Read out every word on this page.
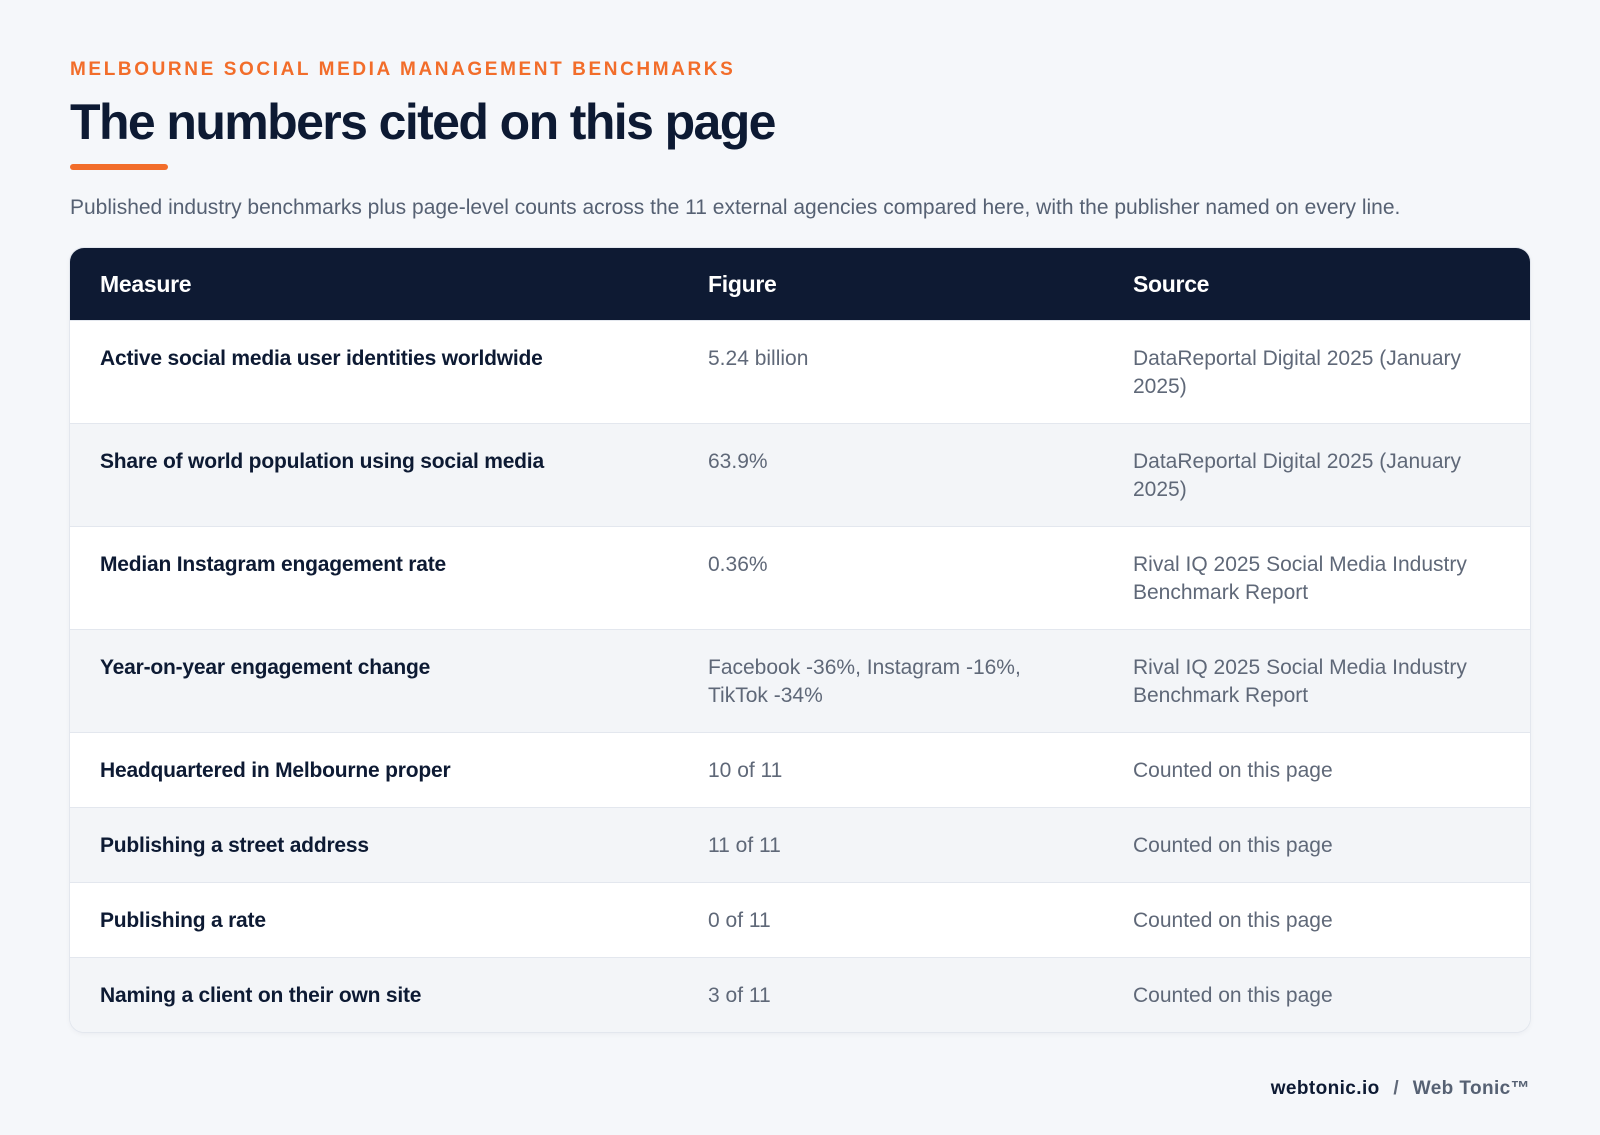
MELBOURNE SOCIAL MEDIA MANAGEMENT BENCHMARKS
The numbers cited on this page
Published industry benchmarks plus page-level counts across the 11 external agencies compared here, with the publisher named on every line.
Measure	Figure	Source
Active social media user identities worldwide	5.24 billion	DataReportal Digital 2025 (January 2025)
Share of world population using social media	63.9%	DataReportal Digital 2025 (January 2025)
Median Instagram engagement rate	0.36%	Rival IQ 2025 Social Media Industry Benchmark Report
Year-on-year engagement change	Facebook -36%, Instagram -16%, TikTok -34%	Rival IQ 2025 Social Media Industry Benchmark Report
Headquartered in Melbourne proper	10 of 11	Counted on this page
Publishing a street address	11 of 11	Counted on this page
Publishing a rate	0 of 11	Counted on this page
Naming a client on their own site	3 of 11	Counted on this page
webtonic.io / Web Tonic™
